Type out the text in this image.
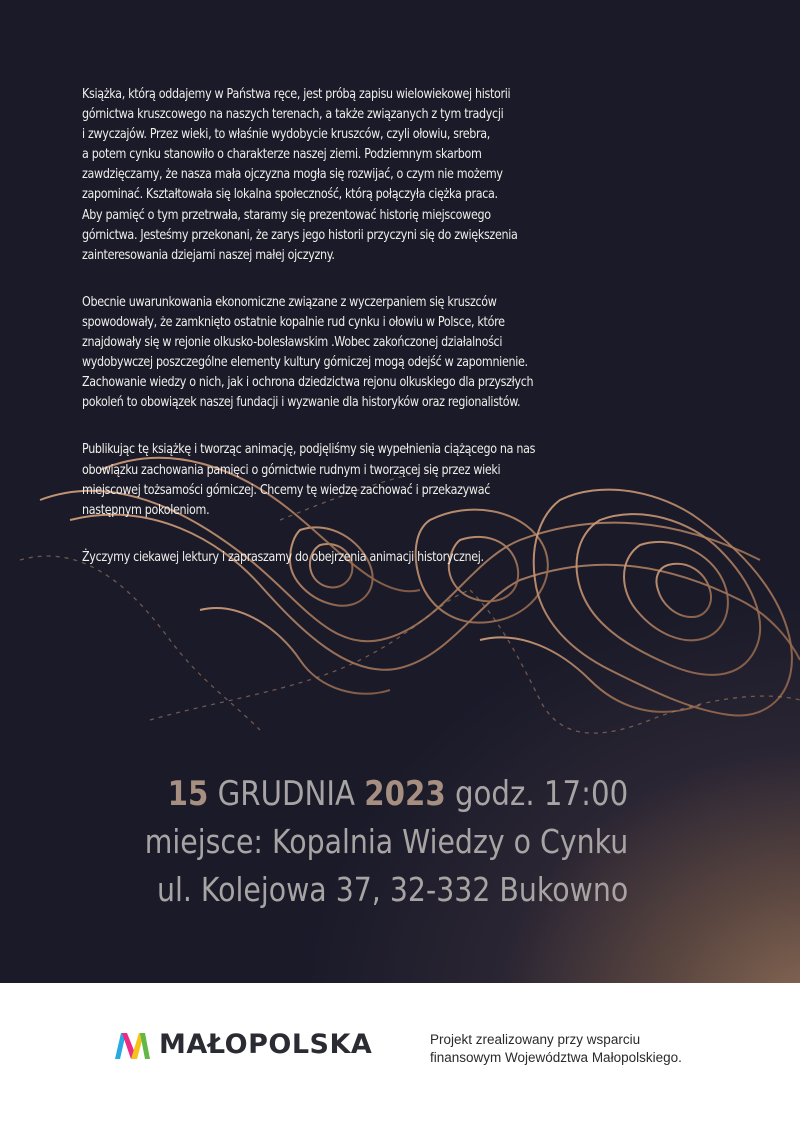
Książka, którą oddajemy w Państwa ręce, jest próbą zapisu wielowiekowej historii
górnictwa kruszcowego na naszych terenach, a także związanych z tym tradycji
i zwyczajów. Przez wieki, to właśnie wydobycie kruszców, czyli ołowiu, srebra,
a potem cynku stanowiło o charakterze naszej ziemi. Podziemnym skarbom
zawdzięczamy, że nasza mała ojczyzna mogła się rozwijać, o czym nie możemy
zapominać. Kształtowała się lokalna społeczność, którą połączyła ciężka praca.
Aby pamięć o tym przetrwała, staramy się prezentować historię miejscowego
górnictwa. Jesteśmy przekonani, że zarys jego historii przyczyni się do zwiększenia
zainteresowania dziejami naszej małej ojczyzny.

Obecnie uwarunkowania ekonomiczne związane z wyczerpaniem się kruszców
spowodowały, że zamknięto ostatnie kopalnie rud cynku i ołowiu w Polsce, które
znajdowały się w rejonie olkusko-bolesławskim .Wobec zakończonej działalności
wydobywczej poszczególne elementy kultury górniczej mogą odejść w zapomnienie.
Zachowanie wiedzy o nich, jak i ochrona dziedzictwa rejonu olkuskiego dla przyszłych
pokoleń to obowiązek naszej fundacji i wyzwanie dla historyków oraz regionalistów.

Publikując tę książkę i tworząc animację, podjęliśmy się wypełnienia ciążącego na nas
obowiązku zachowania pamięci o górnictwie rudnym i tworzącej się przez wieki
miejscowej tożsamości górniczej. Chcemy tę wiedzę zachować i przekazywać
następnym pokoleniom.

Życzymy ciekawej lektury i zapraszamy do obejrzenia animacji historycznej.

15 GRUDNIA 2023 godz. 17:00
miejsce: Kopalnia Wiedzy o Cynku
ul. Kolejowa 37, 32-332 Bukowno
MAŁOPOLSKA	Projekt zrealizowany przy wsparciu
finansowym Województwa Małopolskiego.
